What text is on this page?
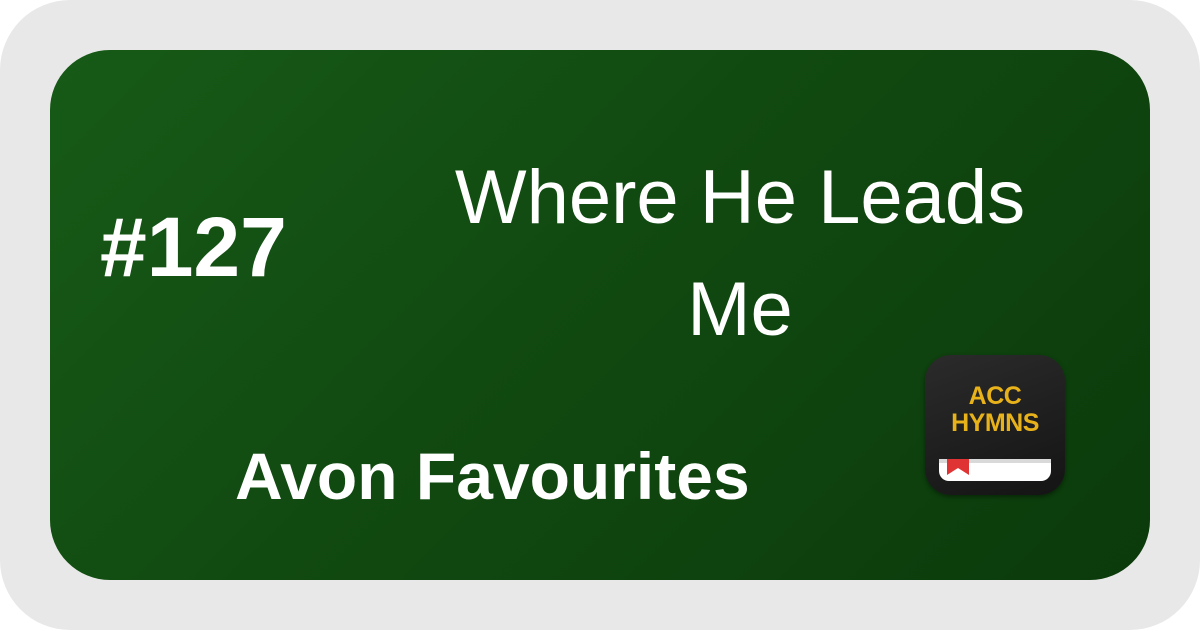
#127
Where He Leads
Me
Avon Favourites
ACC
HYMNS
